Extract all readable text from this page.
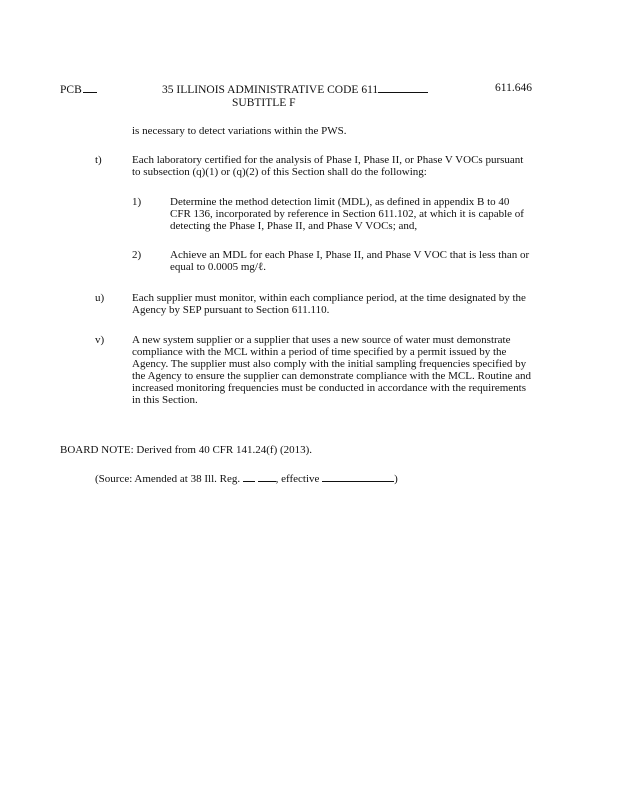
PCB	35 ILLINOIS ADMINISTRATIVE CODE 611
SUBTITLE F
611.646
is necessary to detect variations within the PWS.
t)	Each laboratory certified for the analysis of Phase I, Phase II, or Phase V VOCs pursuant to subsection (q)(1) or (q)(2) of this Section shall do the following:
1)	Determine the method detection limit (MDL), as defined in appendix B to 40 CFR 136, incorporated by reference in Section 611.102, at which it is capable of detecting the Phase I, Phase II, and Phase V VOCs; and,
2)	Achieve an MDL for each Phase I, Phase II, and Phase V VOC that is less than or equal to 0.0005 mg/ℓ.
u)	Each supplier must monitor, within each compliance period, at the time designated by the Agency by SEP pursuant to Section 611.110.
v)	A new system supplier or a supplier that uses a new source of water must demonstrate compliance with the MCL within a period of time specified by a permit issued by the Agency. The supplier must also comply with the initial sampling frequencies specified by the Agency to ensure the supplier can demonstrate compliance with the MCL. Routine and increased monitoring frequencies must be conducted in accordance with the requirements in this Section.
BOARD NOTE: Derived from 40 CFR 141.24(f) (2013).
(Source: Amended at 38 Ill. Reg.	, effective	)
